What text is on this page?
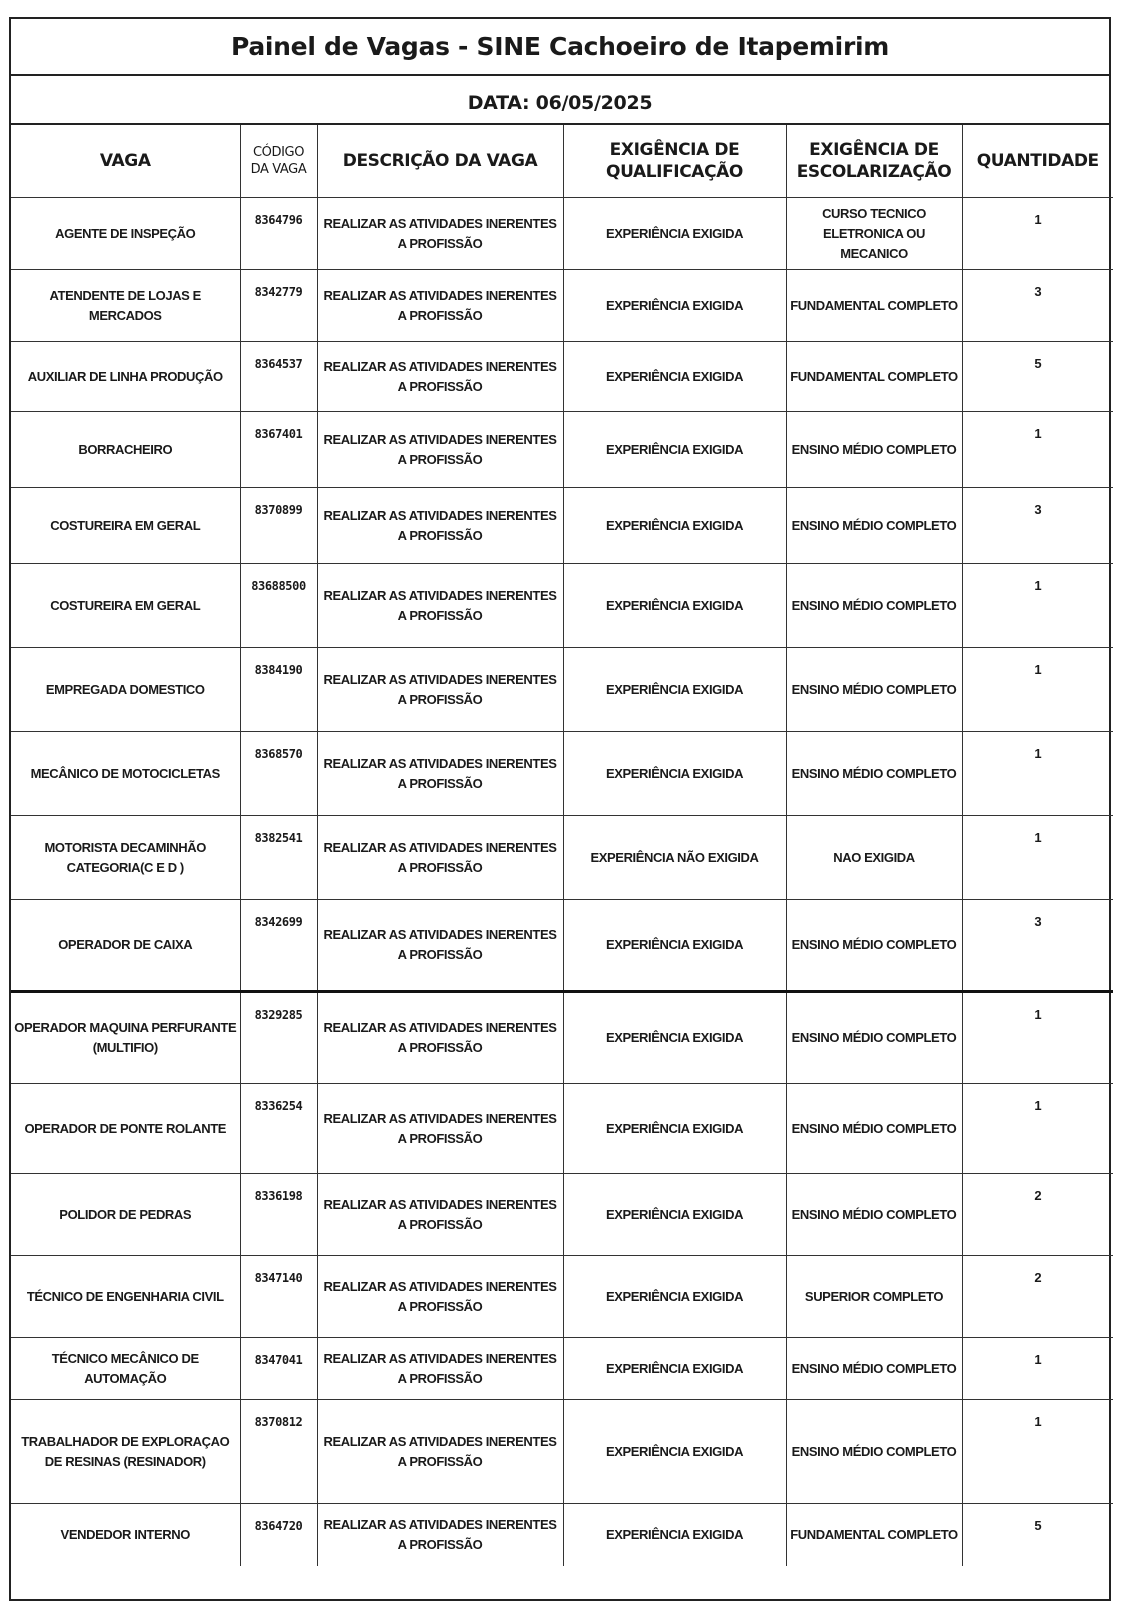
Painel de Vagas - SINE Cachoeiro de Itapemirim
DATA: 06/05/2025
VAGA	CÓDIGO DA VAGA	DESCRIÇÃO DA VAGA	EXIGÊNCIA DE QUALIFICAÇÃO	EXIGÊNCIA DE ESCOLARIZAÇÃO	QUANTIDADE
AGENTE DE INSPEÇÃO	8364796	REALIZAR AS ATIVIDADES INERENTES A PROFISSÃO	EXPERIÊNCIA EXIGIDA	CURSO TECNICO ELETRONICA OU MECANICO	1
ATENDENTE DE LOJAS E MERCADOS	8342779	REALIZAR AS ATIVIDADES INERENTES A PROFISSÃO	EXPERIÊNCIA EXIGIDA	FUNDAMENTAL COMPLETO	3
AUXILIAR DE LINHA PRODUÇÃO	8364537	REALIZAR AS ATIVIDADES INERENTES A PROFISSÃO	EXPERIÊNCIA EXIGIDA	FUNDAMENTAL COMPLETO	5
BORRACHEIRO	8367401	REALIZAR AS ATIVIDADES INERENTES A PROFISSÃO	EXPERIÊNCIA EXIGIDA	ENSINO MÉDIO COMPLETO	1
COSTUREIRA EM GERAL	8370899	REALIZAR AS ATIVIDADES INERENTES A PROFISSÃO	EXPERIÊNCIA EXIGIDA	ENSINO MÉDIO COMPLETO	3
COSTUREIRA EM GERAL	83688500	REALIZAR AS ATIVIDADES INERENTES A PROFISSÃO	EXPERIÊNCIA EXIGIDA	ENSINO MÉDIO COMPLETO	1
EMPREGADA DOMESTICO	8384190	REALIZAR AS ATIVIDADES INERENTES A PROFISSÃO	EXPERIÊNCIA EXIGIDA	ENSINO MÉDIO COMPLETO	1
MECÂNICO DE MOTOCICLETAS	8368570	REALIZAR AS ATIVIDADES INERENTES A PROFISSÃO	EXPERIÊNCIA EXIGIDA	ENSINO MÉDIO COMPLETO	1
MOTORISTA DECAMINHÃO CATEGORIA(C E D )	8382541	REALIZAR AS ATIVIDADES INERENTES A PROFISSÃO	EXPERIÊNCIA NÃO EXIGIDA	NAO EXIGIDA	1
OPERADOR DE CAIXA	8342699	REALIZAR AS ATIVIDADES INERENTES A PROFISSÃO	EXPERIÊNCIA EXIGIDA	ENSINO MÉDIO COMPLETO	3
OPERADOR MAQUINA PERFURANTE (MULTIFIO)	8329285	REALIZAR AS ATIVIDADES INERENTES A PROFISSÃO	EXPERIÊNCIA EXIGIDA	ENSINO MÉDIO COMPLETO	1
OPERADOR DE PONTE ROLANTE	8336254	REALIZAR AS ATIVIDADES INERENTES A PROFISSÃO	EXPERIÊNCIA EXIGIDA	ENSINO MÉDIO COMPLETO	1
POLIDOR DE PEDRAS	8336198	REALIZAR AS ATIVIDADES INERENTES A PROFISSÃO	EXPERIÊNCIA EXIGIDA	ENSINO MÉDIO COMPLETO	2
TÉCNICO DE ENGENHARIA CIVIL	8347140	REALIZAR AS ATIVIDADES INERENTES A PROFISSÃO	EXPERIÊNCIA EXIGIDA	SUPERIOR COMPLETO	2
TÉCNICO MECÂNICO DE AUTOMAÇÃO	8347041	REALIZAR AS ATIVIDADES INERENTES A PROFISSÃO	EXPERIÊNCIA EXIGIDA	ENSINO MÉDIO COMPLETO	1
TRABALHADOR DE EXPLORAÇAO DE RESINAS (RESINADOR)	8370812	REALIZAR AS ATIVIDADES INERENTES A PROFISSÃO	EXPERIÊNCIA EXIGIDA	ENSINO MÉDIO COMPLETO	1
VENDEDOR INTERNO	8364720	REALIZAR AS ATIVIDADES INERENTES A PROFISSÃO	EXPERIÊNCIA EXIGIDA	FUNDAMENTAL COMPLETO	5
